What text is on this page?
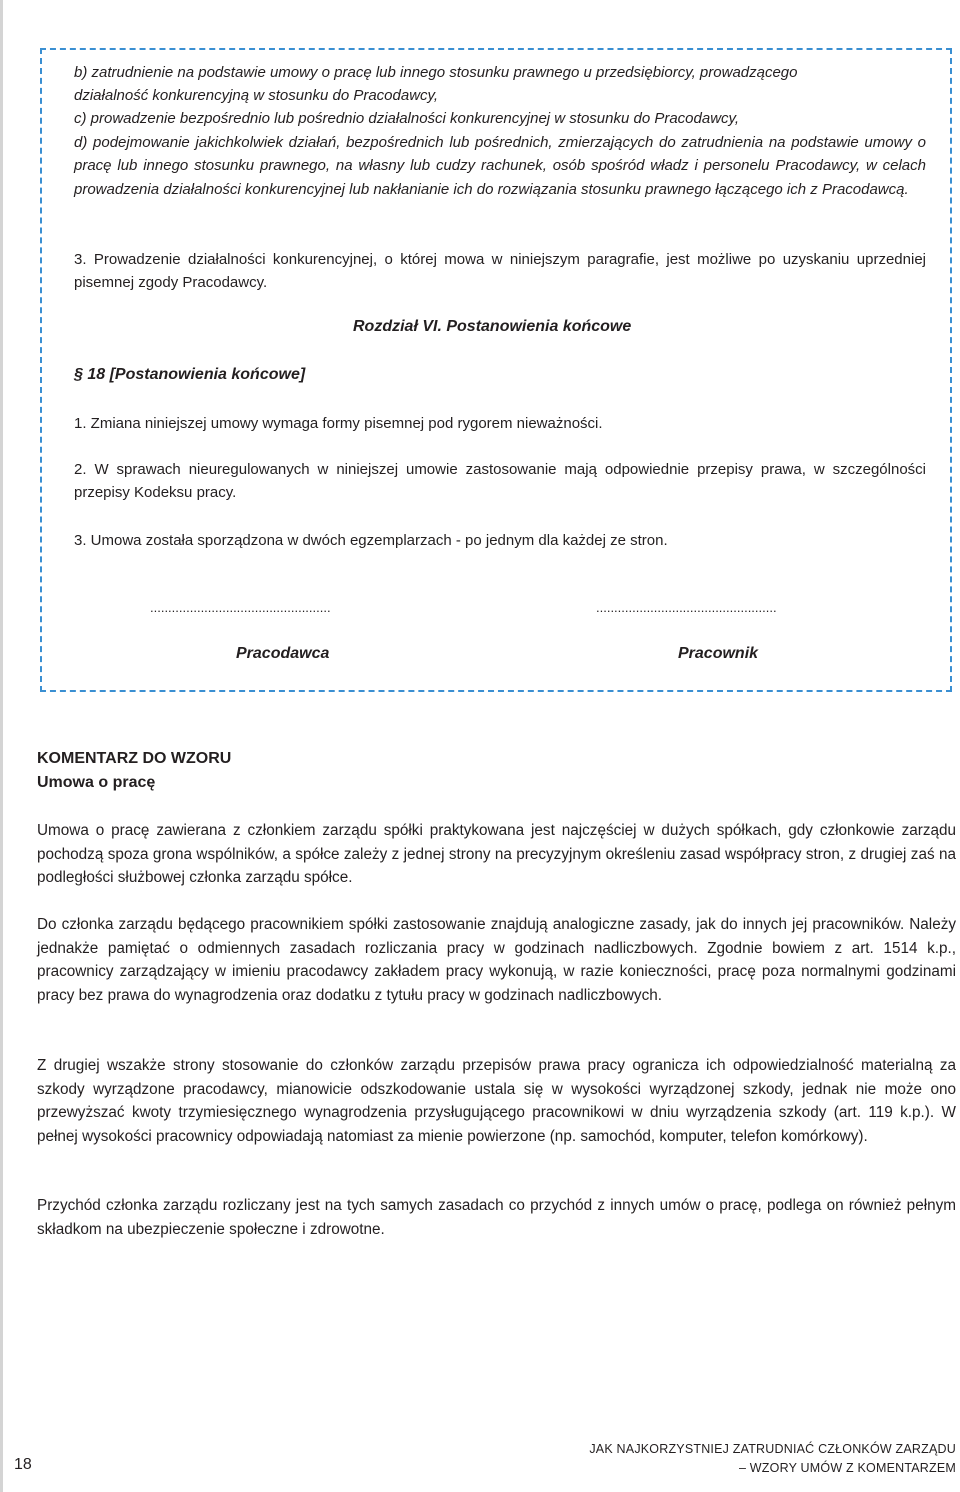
b) zatrudnienie na podstawie umowy o pracę lub innego stosunku prawnego u przedsiębiorcy, prowadzącego

działalność konkurencyjną w stosunku do Pracodawcy,

c) prowadzenie bezpośrednio lub pośrednio działalności konkurencyjnej w stosunku do Pracodawcy,

d) podejmowanie jakichkolwiek działań, bezpośrednich lub pośrednich, zmierzających do zatrudnienia na podstawie umowy o pracę lub innego stosunku prawnego, na własny lub cudzy rachunek, osób spośród władz i personelu Pracodawcy, w celach prowadzenia działalności konkurencyjnej lub nakłanianie ich do rozwiązania stosunku prawnego łączącego ich z Pracodawcą.

3. Prowadzenie działalności konkurencyjnej, o której mowa w niniejszym paragrafie, jest możliwe po uzyskaniu uprzedniej pisemnej zgody Pracodawcy.

Rozdział VI. Postanowienia końcowe
§ 18 [Postanowienia końcowe]

1. Zmiana niniejszej umowy wymaga formy pisemnej pod rygorem nieważności.

2. W sprawach nieuregulowanych w niniejszej umowie zastosowanie mają odpowiednie przepisy prawa, w szczególności przepisy Kodeksu pracy.

3. Umowa została sporządzona w dwóch egzemplarzach - po jednym dla każdej ze stron.

..................................................	..................................................
Pracodawca	Pracownik

KOMENTARZ DO WZORU

Umowa o pracę

Umowa o pracę zawierana z członkiem zarządu spółki praktykowana jest najczęściej w dużych spółkach, gdy członkowie zarządu pochodzą spoza grona wspólników, a spółce zależy z jednej strony na precyzyjnym określeniu zasad współpracy stron, z drugiej zaś na podległości służbowej członka zarządu spółce.

Do członka zarządu będącego pracownikiem spółki zastosowanie znajdują analogiczne zasady, jak do innych jej pracowników. Należy jednakże pamiętać o odmiennych zasadach rozliczania pracy w godzinach nadliczbowych. Zgodnie bowiem z art. 1514 k.p., pracownicy zarządzający w imieniu pracodawcy zakładem pracy wykonują, w razie konieczności, pracę poza normalnymi godzinami pracy bez prawa do wynagrodzenia oraz dodatku z tytułu pracy w godzinach nadliczbowych.

Z drugiej wszakże strony stosowanie do członków zarządu przepisów prawa pracy ogranicza ich odpowiedzialność materialną za szkody wyrządzone pracodawcy, mianowicie odszkodowanie ustala się w wysokości wyrządzonej szkody, jednak nie może ono przewyższać kwoty trzymiesięcznego wynagrodzenia przysługującego pracownikowi w dniu wyrządzenia szkody (art. 119 k.p.). W pełnej wysokości pracownicy odpowiadają natomiast za mienie powierzone (np. samochód, komputer, telefon komórkowy).

Przychód członka zarządu rozliczany jest na tych samych zasadach co przychód z innych umów o pracę, podlega on również pełnym składkom na ubezpieczenie społeczne i zdrowotne.

18
JAK NAJKORZYSTNIEJ ZATRUDNIAĆ CZŁONKÓW ZARZĄDU
– WZORY UMÓW Z KOMENTARZEM
